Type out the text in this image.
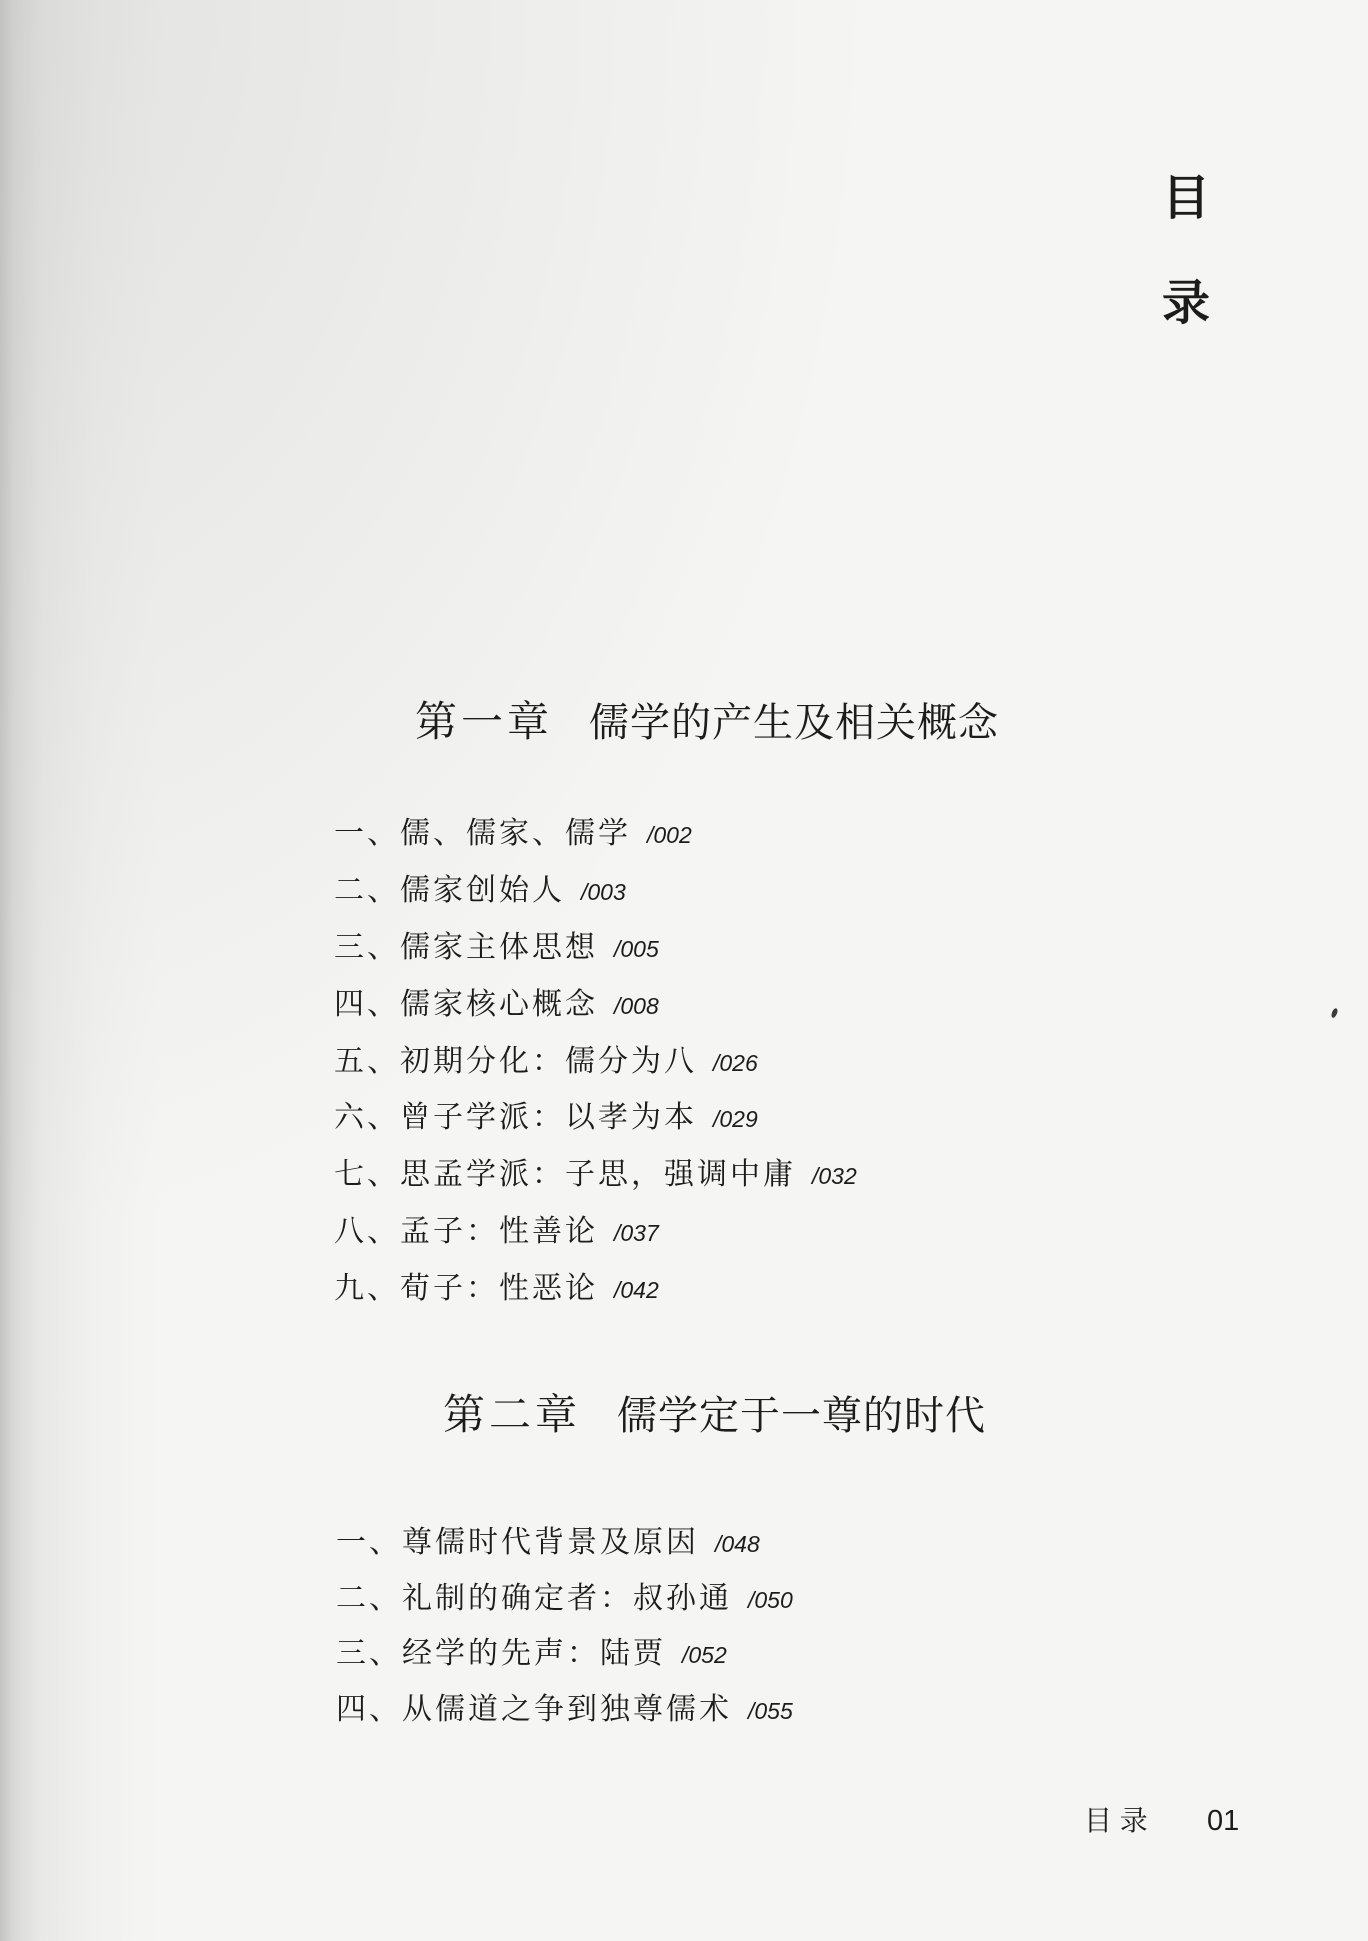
目
录
第一章 儒学的产生及相关概念
一、儒、儒家、儒学 /002
二、儒家创始人 /003
三、儒家主体思想 /005
四、儒家核心概念 /008
五、初期分化：儒分为八 /026
六、曾子学派：以孝为本 /029
七、思孟学派：子思，强调中庸 /032
八、孟子：性善论 /037
九、荀子：性恶论 /042
第二章 儒学定于一尊的时代
一、尊儒时代背景及原因 /048
二、礼制的确定者：叔孙通 /050
三、经学的先声：陆贾 /052
四、从儒道之争到独尊儒术 /055
目 录 01
